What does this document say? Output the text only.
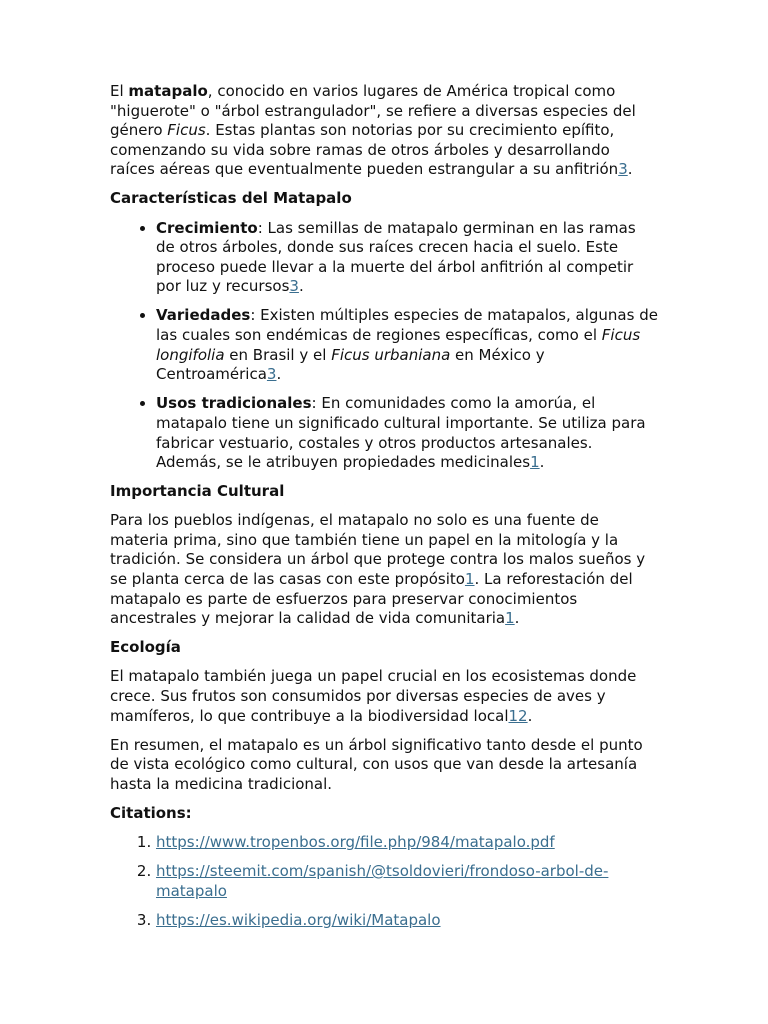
El matapalo, conocido en varios lugares de América tropical como "higuerote" o "árbol estrangulador", se refiere a diversas especies del género Ficus. Estas plantas son notorias por su crecimiento epífito, comenzando su vida sobre ramas de otros árboles y desarrollando raíces aéreas que eventualmente pueden estrangular a su anfitrión3.

Características del Matapalo
• Crecimiento: Las semillas de matapalo germinan en las ramas de otros árboles, donde sus raíces crecen hacia el suelo. Este proceso puede llevar a la muerte del árbol anfitrión al competir por luz y recursos3.
• Variedades: Existen múltiples especies de matapalos, algunas de las cuales son endémicas de regiones específicas, como el Ficus longifolia en Brasil y el Ficus urbaniana en México y Centroamérica3.
• Usos tradicionales: En comunidades como la amorúa, el matapalo tiene un significado cultural importante. Se utiliza para fabricar vestuario, costales y otros productos artesanales. Además, se le atribuyen propiedades medicinales1.
Importancia Cultural

Para los pueblos indígenas, el matapalo no solo es una fuente de materia prima, sino que también tiene un papel en la mitología y la tradición. Se considera un árbol que protege contra los malos sueños y se planta cerca de las casas con este propósito1. La reforestación del matapalo es parte de esfuerzos para preservar conocimientos ancestrales y mejorar la calidad de vida comunitaria1.

Ecología

El matapalo también juega un papel crucial en los ecosistemas donde crece. Sus frutos son consumidos por diversas especies de aves y mamíferos, lo que contribuye a la biodiversidad local12.

En resumen, el matapalo es un árbol significativo tanto desde el punto de vista ecológico como cultural, con usos que van desde la artesanía hasta la medicina tradicional.

Citations:
1. https://www.tropenbos.org/file.php/984/matapalo.pdf
2. https://steemit.com/spanish/@tsoldovieri/frondoso-arbol-de-matapalo
3. https://es.wikipedia.org/wiki/Matapalo
